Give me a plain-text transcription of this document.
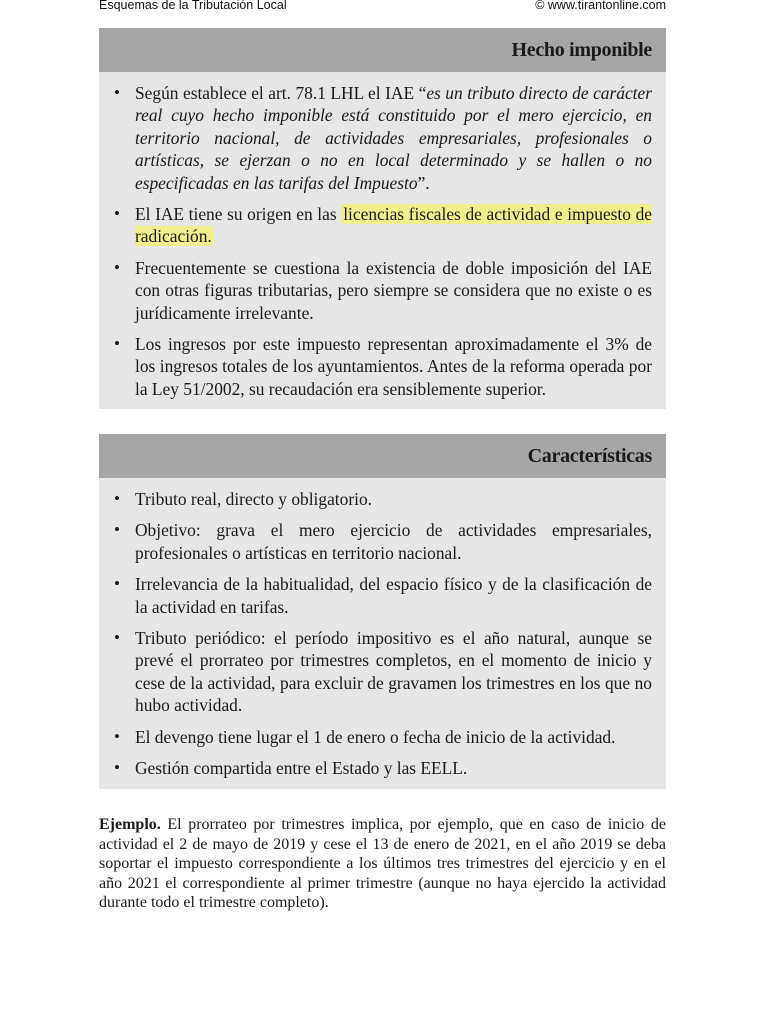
Esquemas de la Tributación Local	© www.tirantonline.com
Hecho imponible
• Según establece el art. 78.1 LHL el IAE “es un tributo directo de carácter real cuyo hecho imponible está constituido por el mero ejercicio, en territorio nacional, de actividades empresariales, profesionales o artísticas, se ejerzan o no en local determinado y se hallen o no especificadas en las tarifas del Impuesto”.
• El IAE tiene su origen en las licencias fiscales de actividad e impuesto de radicación.
• Frecuentemente se cuestiona la existencia de doble imposición del IAE con otras figuras tributarias, pero siempre se considera que no existe o es jurídicamente irrelevante.
• Los ingresos por este impuesto representan aproximadamente el 3% de los ingresos totales de los ayuntamientos. Antes de la reforma operada por la Ley 51/2002, su recaudación era sensiblemente superior.
Características
• Tributo real, directo y obligatorio.
• Objetivo: grava el mero ejercicio de actividades empresariales, profesionales o artísticas en territorio nacional.
• Irrelevancia de la habitualidad, del espacio físico y de la clasificación de la actividad en tarifas.
• Tributo periódico: el período impositivo es el año natural, aunque se prevé el prorrateo por trimestres completos, en el momento de inicio y cese de la actividad, para excluir de gravamen los trimestres en los que no hubo actividad.
• El devengo tiene lugar el 1 de enero o fecha de inicio de la actividad.
• Gestión compartida entre el Estado y las EELL.

Ejemplo. El prorrateo por trimestres implica, por ejemplo, que en caso de inicio de actividad el 2 de mayo de 2019 y cese el 13 de enero de 2021, en el año 2019 se deba soportar el impuesto correspondiente a los últimos tres trimestres del ejercicio y en el año 2021 el correspondiente al primer trimestre (aunque no haya ejercido la actividad durante todo el trimestre completo).
